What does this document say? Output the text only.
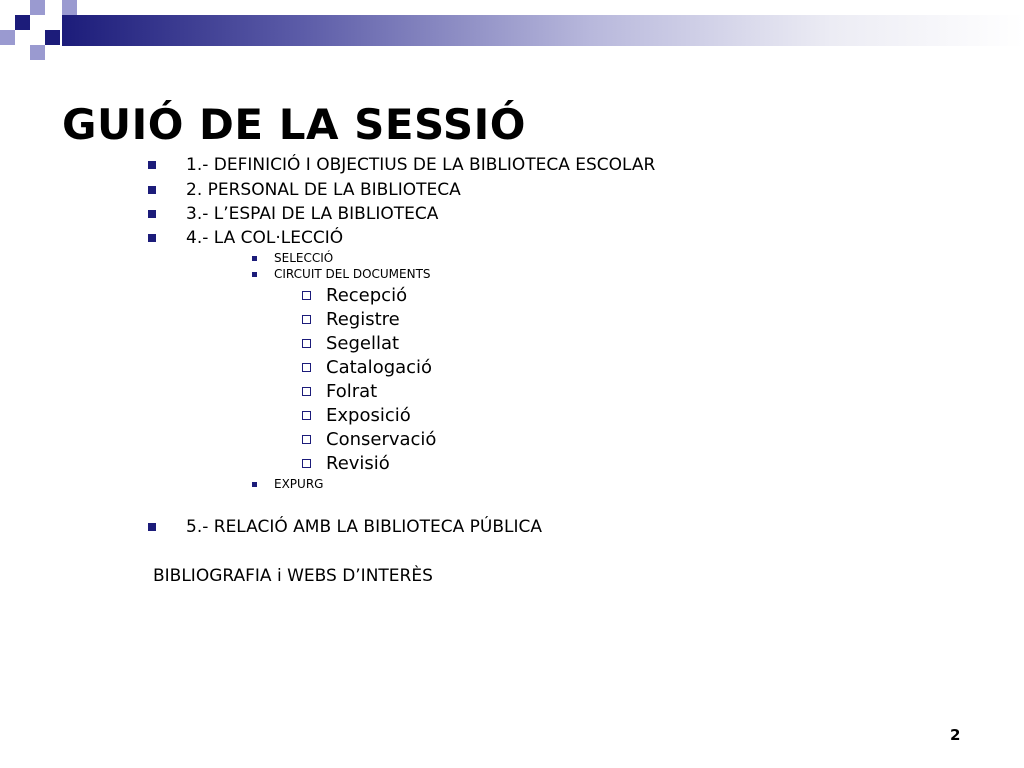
GUIÓ DE LA SESSIÓ
1.- DEFINICIÓ I OBJECTIUS DE LA BIBLIOTECA ESCOLAR
2. PERSONAL DE LA BIBLIOTECA
3.- L’ESPAI DE LA BIBLIOTECA
4.- LA COL·LECCIÓ
SELECCIÓ
CIRCUIT DEL DOCUMENTS
Recepció
Registre
Segellat
Catalogació
Folrat
Exposició
Conservació
Revisió
EXPURG
5.- RELACIÓ AMB LA BIBLIOTECA PÚBLICA
BIBLIOGRAFIA i WEBS D’INTERÈS
2
